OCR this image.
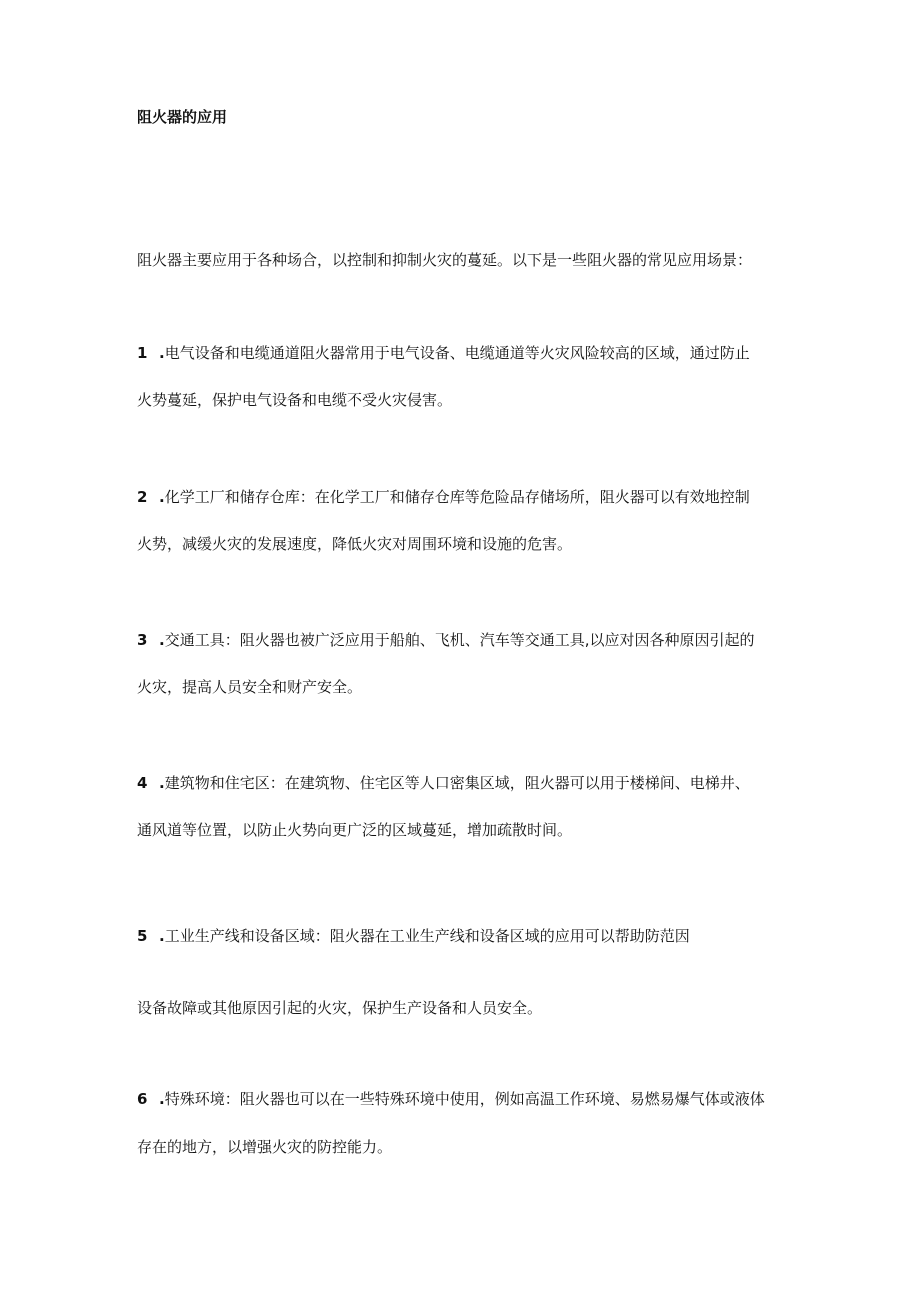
阻火器的应用

阻火器主要应用于各种场合，以控制和抑制火灾的蔓延。以下是一些阻火器的常见应用场景：

1 .电气设备和电缆通道阻火器常用于电气设备、电缆通道等火灾风险较高的区域，通过防止

火势蔓延，保护电气设备和电缆不受火灾侵害。

2 .化学工厂和储存仓库：在化学工厂和储存仓库等危险品存储场所，阻火器可以有效地控制

火势，减缓火灾的发展速度，降低火灾对周围环境和设施的危害。

3 .交通工具：阻火器也被广泛应用于船舶、飞机、汽车等交通工具,以应对因各种原因引起的

火灾，提高人员安全和财产安全。

4 .建筑物和住宅区：在建筑物、住宅区等人口密集区域，阻火器可以用于楼梯间、电梯井、

通风道等位置，以防止火势向更广泛的区域蔓延，增加疏散时间。

5 .工业生产线和设备区域：阻火器在工业生产线和设备区域的应用可以帮助防范因

设备故障或其他原因引起的火灾，保护生产设备和人员安全。

6 .特殊环境：阻火器也可以在一些特殊环境中使用，例如高温工作环境、易燃易爆气体或液体

存在的地方，以增强火灾的防控能力。
